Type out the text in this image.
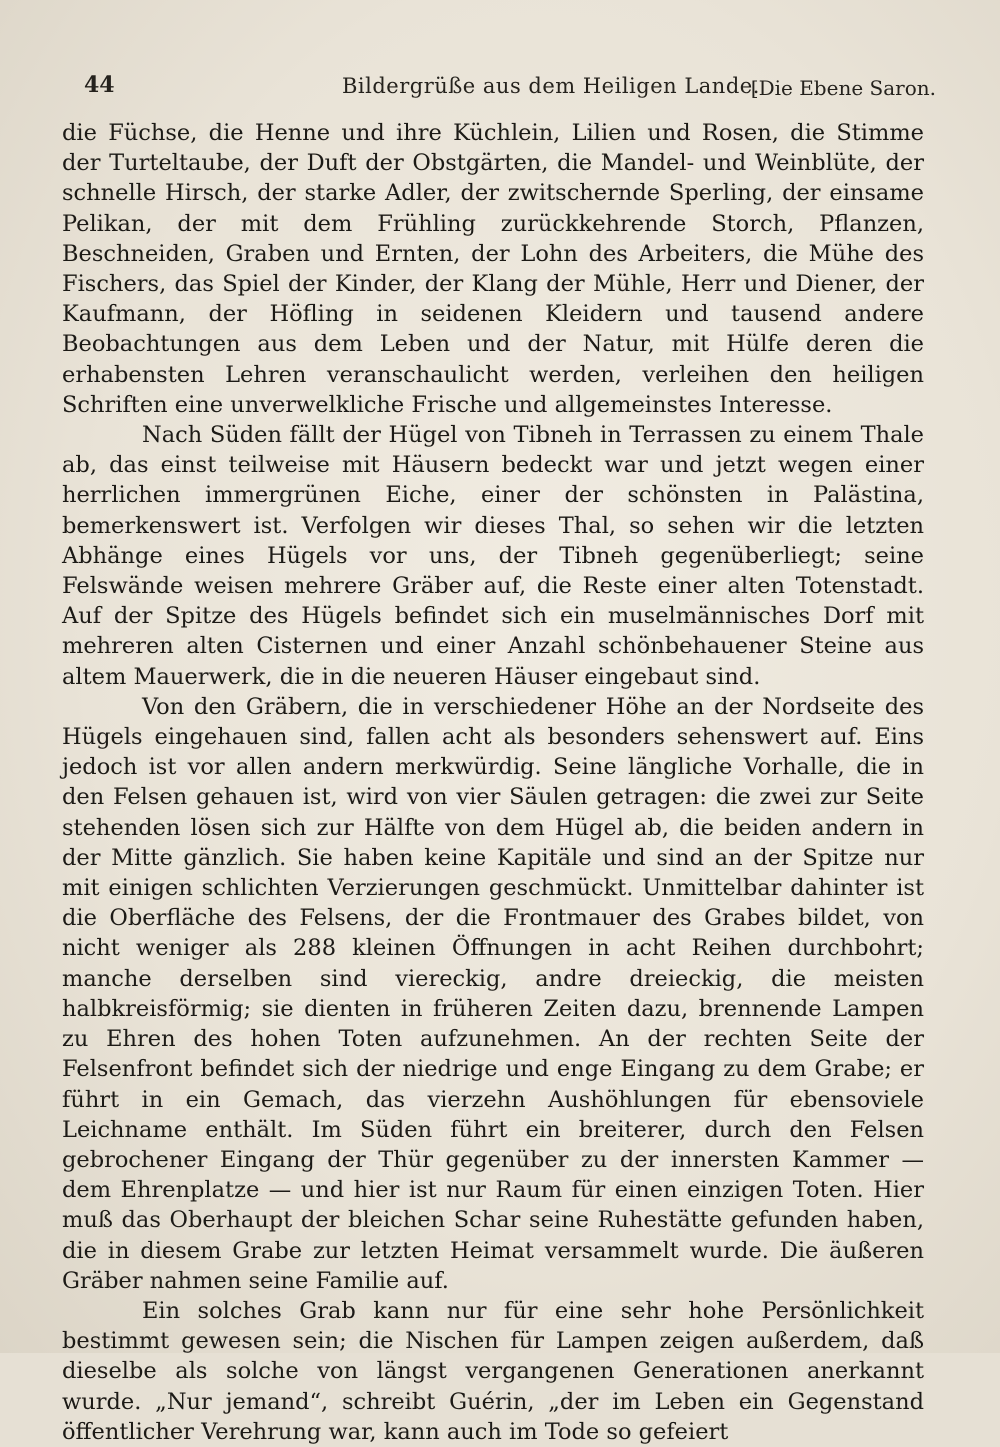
44	Bildergrüße aus dem Heiligen Lande.
[Die Ebene Saron.

die Füchse, die Henne und ihre Küchlein, Lilien und Rosen, die Stimme der Turteltaube, der Duft der Obstgärten, die Mandel- und Weinblüte, der schnelle Hirsch, der starke Adler, der zwitschernde Sperling, der einsame Pelikan, der mit dem Frühling zurückkehrende Storch, Pflanzen, Beschneiden, Graben und Ernten, der Lohn des Arbeiters, die Mühe des Fischers, das Spiel der Kinder, der Klang der Mühle, Herr und Diener, der Kaufmann, der Höfling in seidenen Kleidern und tausend andere Beobachtungen aus dem Leben und der Natur, mit Hülfe deren die erhabensten Lehren veranschaulicht werden, verleihen den heiligen Schriften eine unverwelkliche Frische und allgemeinstes Interesse.

Nach Süden fällt der Hügel von Tibneh in Terrassen zu einem Thale ab, das einst teilweise mit Häusern bedeckt war und jetzt wegen einer herrlichen immergrünen Eiche, einer der schönsten in Palästina, bemerkenswert ist. Verfolgen wir dieses Thal, so sehen wir die letzten Abhänge eines Hügels vor uns, der Tibneh gegenüberliegt; seine Felswände weisen mehrere Gräber auf, die Reste einer alten Totenstadt. Auf der Spitze des Hügels befindet sich ein muselmännisches Dorf mit mehreren alten Cisternen und einer Anzahl schönbehauener Steine aus altem Mauerwerk, die in die neueren Häuser eingebaut sind.

Von den Gräbern, die in verschiedener Höhe an der Nordseite des Hügels eingehauen sind, fallen acht als besonders sehenswert auf. Eins jedoch ist vor allen andern merkwürdig. Seine längliche Vorhalle, die in den Felsen gehauen ist, wird von vier Säulen getragen: die zwei zur Seite stehenden lösen sich zur Hälfte von dem Hügel ab, die beiden andern in der Mitte gänzlich. Sie haben keine Kapitäle und sind an der Spitze nur mit einigen schlichten Verzierungen geschmückt. Unmittelbar dahinter ist die Oberfläche des Felsens, der die Frontmauer des Grabes bildet, von nicht weniger als 288 kleinen Öffnungen in acht Reihen durchbohrt; manche derselben sind viereckig, andre dreieckig, die meisten halbkreisförmig; sie dienten in früheren Zeiten dazu, brennende Lampen zu Ehren des hohen Toten aufzunehmen. An der rechten Seite der Felsenfront befindet sich der niedrige und enge Eingang zu dem Grabe; er führt in ein Gemach, das vierzehn Aushöhlungen für ebensoviele Leichname enthält. Im Süden führt ein breiterer, durch den Felsen gebrochener Eingang der Thür gegenüber zu der innersten Kammer — dem Ehrenplatze — und hier ist nur Raum für einen einzigen Toten. Hier muß das Oberhaupt der bleichen Schar seine Ruhestätte gefunden haben, die in diesem Grabe zur letzten Heimat versammelt wurde. Die äußeren Gräber nahmen seine Familie auf.

Ein solches Grab kann nur für eine sehr hohe Persönlichkeit bestimmt gewesen sein; die Nischen für Lampen zeigen außerdem, daß dieselbe als solche von längst vergangenen Generationen anerkannt wurde. „Nur jemand“, schreibt Guérin, „der im Leben ein Gegenstand öffentlicher Verehrung war, kann auch im Tode so gefeiert
